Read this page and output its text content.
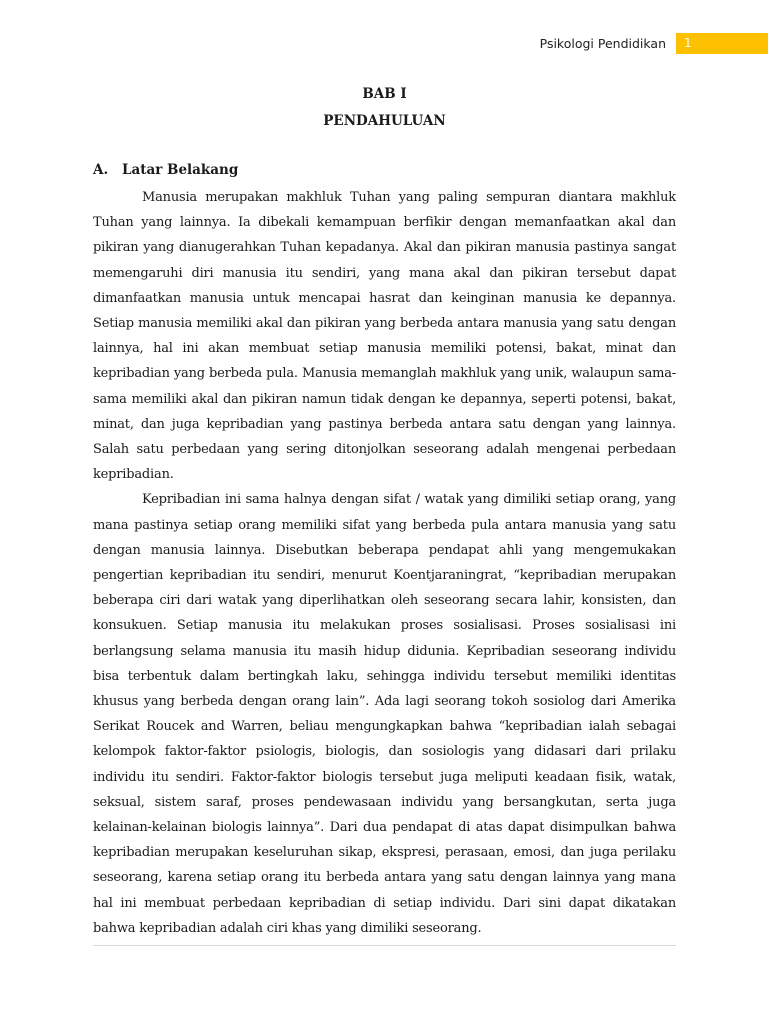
Psikologi Pendidikan 1
BAB I
PENDAHULUAN
A. Latar Belakang

Manusia merupakan makhluk Tuhan yang paling sempuran diantara makhluk Tuhan yang lainnya. Ia dibekali kemampuan berfikir dengan memanfaatkan akal dan pikiran yang dianugerahkan Tuhan kepadanya. Akal dan pikiran manusia pastinya sangat memengaruhi diri manusia itu sendiri, yang mana akal dan pikiran tersebut dapat dimanfaatkan manusia untuk mencapai hasrat dan keinginan manusia ke depannya. Setiap manusia memiliki akal dan pikiran yang berbeda antara manusia yang satu dengan lainnya, hal ini akan membuat setiap manusia memiliki potensi, bakat, minat dan kepribadian yang berbeda pula. Manusia memanglah makhluk yang unik, walaupun sama-sama memiliki akal dan pikiran namun tidak dengan ke depannya, seperti potensi, bakat, minat, dan juga kepribadian yang pastinya berbeda antara satu dengan yang lainnya. Salah satu perbedaan yang sering ditonjolkan seseorang adalah mengenai perbedaan kepribadian.

Kepribadian ini sama halnya dengan sifat / watak yang dimiliki setiap orang, yang mana pastinya setiap orang memiliki sifat yang berbeda pula antara manusia yang satu dengan manusia lainnya. Disebutkan beberapa pendapat ahli yang mengemukakan pengertian kepribadian itu sendiri, menurut Koentjaraningrat, “kepribadian merupakan beberapa ciri dari watak yang diperlihatkan oleh seseorang secara lahir, konsisten, dan konsukuen. Setiap manusia itu melakukan proses sosialisasi. Proses sosialisasi ini berlangsung selama manusia itu masih hidup didunia. Kepribadian seseorang individu bisa terbentuk dalam bertingkah laku, sehingga individu tersebut memiliki identitas khusus yang berbeda dengan orang lain”. Ada lagi seorang tokoh sosiolog dari Amerika Serikat Roucek and Warren, beliau mengungkapkan bahwa “kepribadian ialah sebagai kelompok faktor-faktor psiologis, biologis, dan sosiologis yang didasari dari prilaku individu itu sendiri. Faktor-faktor biologis tersebut juga meliputi keadaan fisik, watak, seksual, sistem saraf, proses pendewasaan individu yang bersangkutan, serta juga kelainan-kelainan biologis lainnya”. Dari dua pendapat di atas dapat disimpulkan bahwa kepribadian merupakan keseluruhan sikap, ekspresi, perasaan, emosi, dan juga perilaku seseorang, karena setiap orang itu berbeda antara yang satu dengan lainnya yang mana hal ini membuat perbedaan kepribadian di setiap individu. Dari sini dapat dikatakan bahwa kepribadian adalah ciri khas yang dimiliki seseorang.
